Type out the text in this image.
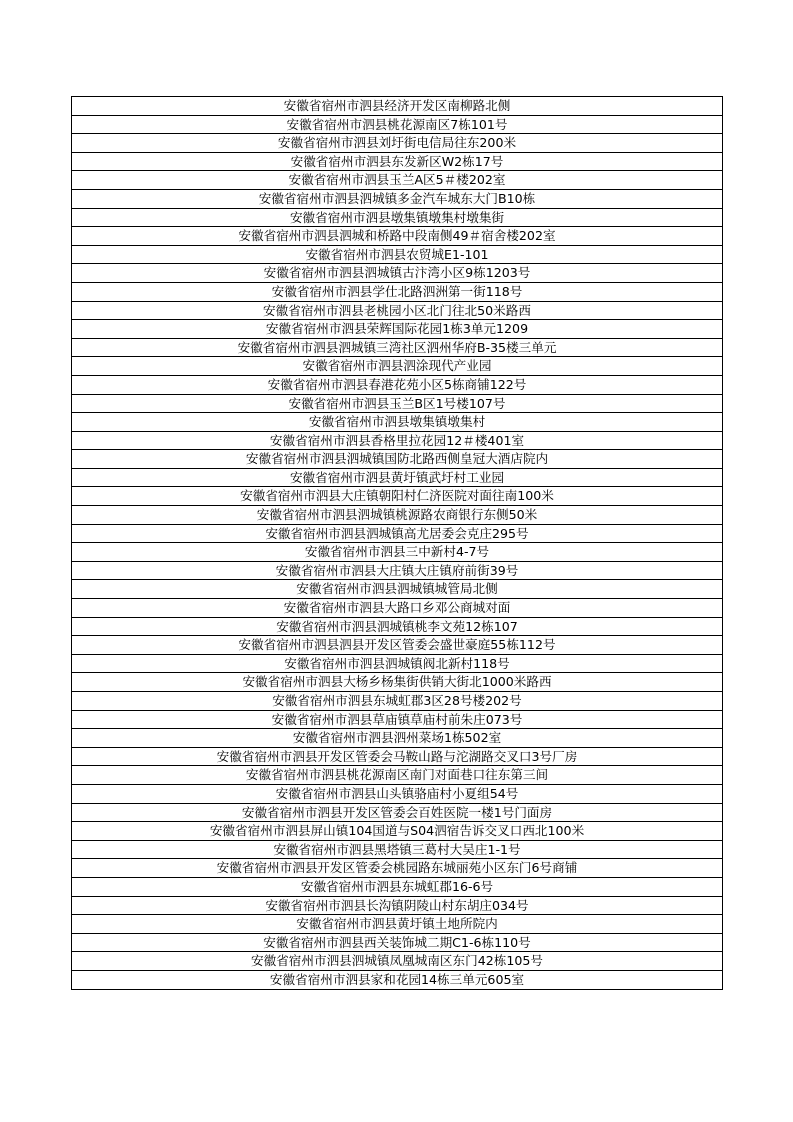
安徽省宿州市泗县经济开发区南柳路北侧
安徽省宿州市泗县桃花源南区7栋101号
安徽省宿州市泗县刘圩街电信局往东200米
安徽省宿州市泗县东发新区W2栋17号
安徽省宿州市泗县玉兰A区5＃楼202室
安徽省宿州市泗县泗城镇多金汽车城东大门B10栋
安徽省宿州市泗县墩集镇墩集村墩集街
安徽省宿州市泗县泗城和桥路中段南侧49＃宿舍楼202室
安徽省宿州市泗县农贸城E1-101
安徽省宿州市泗县泗城镇古汴湾小区9栋1203号
安徽省宿州市泗县学仕北路泗洲第一街118号
安徽省宿州市泗县老桃园小区北门往北50米路西
安徽省宿州市泗县荣辉国际花园1栋3单元1209
安徽省宿州市泗县泗城镇三湾社区泗州华府B-35楼三单元
安徽省宿州市泗县泗涂现代产业园
安徽省宿州市泗县春港花苑小区5栋商铺122号
安徽省宿州市泗县玉兰B区1号楼107号
安徽省宿州市泗县墩集镇墩集村
安徽省宿州市泗县香格里拉花园12＃楼401室
安徽省宿州市泗县泗城镇国防北路西侧皇冠大酒店院内
安徽省宿州市泗县黄圩镇武圩村工业园
安徽省宿州市泗县大庄镇朝阳村仁济医院对面往南100米
安徽省宿州市泗县泗城镇桃源路农商银行东侧50米
安徽省宿州市泗县泗城镇高尤居委会克庄295号
安徽省宿州市泗县三中新村4-7号
安徽省宿州市泗县大庄镇大庄镇府前街39号
安徽省宿州市泗县泗城镇城管局北侧
安徽省宿州市泗县大路口乡邓公商城对面
安徽省宿州市泗县泗城镇桃李文苑12栋107
安徽省宿州市泗县泗县开发区管委会盛世豪庭55栋112号
安徽省宿州市泗县泗城镇阀北新村118号
安徽省宿州市泗县大杨乡杨集街供销大街北1000米路西
安徽省宿州市泗县东城虹郡3区28号楼202号
安徽省宿州市泗县草庙镇草庙村前朱庄073号
安徽省宿州市泗县泗州菜场1栋502室
安徽省宿州市泗县开发区管委会马鞍山路与沱湖路交叉口3号厂房
安徽省宿州市泗县桃花源南区南门对面巷口往东第三间
安徽省宿州市泗县山头镇骆庙村小夏组54号
安徽省宿州市泗县开发区管委会百姓医院一楼1号门面房
安徽省宿州市泗县屏山镇104国道与S04泗宿告诉交叉口西北100米
安徽省宿州市泗县黑塔镇三葛村大吴庄1-1号
安徽省宿州市泗县开发区管委会桃园路东城丽苑小区东门6号商铺
安徽省宿州市泗县东城虹郡16-6号
安徽省宿州市泗县长沟镇阴陵山村东胡庄034号
安徽省宿州市泗县黄圩镇土地所院内
安徽省宿州市泗县西关装饰城二期C1-6栋110号
安徽省宿州市泗县泗城镇凤凰城南区东门42栋105号
安徽省宿州市泗县家和花园14栋三单元605室
